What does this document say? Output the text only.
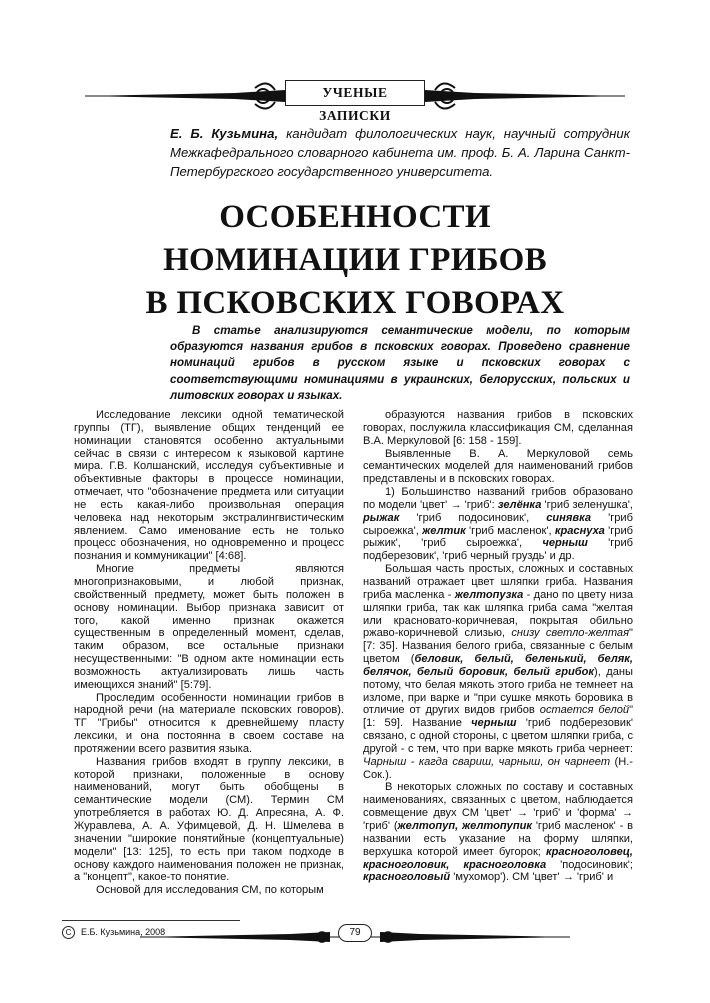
УЧЕНЫЕ ЗАПИСКИ
Е. Б. Кузьмина, кандидат филологических наук, научный сотрудник Межкафедрального словарного кабинета им. проф. Б. А. Ларина Санкт-Петербургского государственного университета.
ОСОБЕННОСТИ
НОМИНАЦИИ ГРИБОВ
В ПСКОВСКИХ ГОВОРАХ
В статье анализируются семантические модели, по которым образуются названия грибов в псковских говорах. Проведено сравнение номинаций грибов в русском языке и псковских говорах с соответствующими номинациями в украинских, белорусских, польских и литовских говорах и языках.

Исследование лексики одной тематической группы (ТГ), выявление общих тенденций ее номинации становятся особенно актуальными сейчас в связи с интересом к языковой картине мира. Г.В. Колшанский, исследуя субъективные и объективные факторы в процессе номинации, отмечает, что "обозначение предмета или ситуации не есть какая-либо произвольная операция человека над некоторым экстралингвистическим явлением. Само именование есть не только процесс обозначения, но одновременно и процесс познания и коммуникации" [4:68].

Многие предметы являются многопризнаковыми, и любой признак, свойственный предмету, может быть положен в основу номинации. Выбор признака зависит от того, какой именно признак окажется существенным в определенный момент, сделав, таким образом, все остальные признаки несущественными: "В одном акте номинации есть возможность актуализировать лишь часть имеющихся знаний" [5:79].

Проследим особенности номинации грибов в народной речи (на материале псковских говоров). ТГ "Грибы" относится к древнейшему пласту лексики, и она постоянна в своем составе на протяжении всего развития языка.

Названия грибов входят в группу лексики, в которой признаки, положенные в основу наименований, могут быть обобщены в семантические модели (СМ). Термин СМ употребляется в работах Ю. Д. Апресяна, А. Ф. Журавлева, А. А. Уфимцевой, Д. Н. Шмелева в значении "широкие понятийные (концептуальные) модели" [13: 125], то есть при таком подходе в основу каждого наименования положен не признак, а "концепт", какое-то понятие.

Основой для исследования СМ, по которым

образуются названия грибов в псковских говорах, послужила классификация СМ, сделанная В.А. Меркуловой [6: 158 - 159].

Выявленные В. А. Меркуловой семь семантических моделей для наименований грибов представлены и в псковских говорах.

1) Большинство названий грибов образовано по модели 'цвет' → 'гриб': зелёнка 'гриб зеленушка', рыжак 'гриб подосиновик', синявка 'гриб сыроежка', желтик 'гриб масленок', краснуха 'гриб рыжик', 'гриб сыроежка', черныш 'гриб подберезовик', 'гриб черный груздь' и др.

Большая часть простых, сложных и составных названий отражает цвет шляпки гриба. Названия гриба масленка - желтопузка - дано по цвету низа шляпки гриба, так как шляпка гриба сама "желтая или красновато-коричневая, покрытая обильно ржаво-коричневой слизью, снизу светло-желтая" [7: 35]. Названия белого гриба, связанные с белым цветом (беловик, белый, беленький, беляк, белячок, белый боровик, белый грибок), даны потому, что белая мякоть этого гриба не темнеет на изломе, при варке и "при сушке мякоть боровика в отличие от других видов грибов остается белой" [1: 59]. Название черныш 'гриб подберезовик' связано, с одной стороны, с цветом шляпки гриба, с другой - с тем, что при варке мякоть гриба чернеет: Чарныш - кагда свариш, чарныш, он чарнеет (Н.-Сок.).

В некоторых сложных по составу и составных наименованиях, связанных с цветом, наблюдается совмещение двух СМ 'цвет' → 'гриб' и 'форма' → 'гриб' (желтопуп, желтопупик 'гриб масленок' - в названии есть указание на форму шляпки, верхушка которой имеет бугорок; красноголовец, красноголовик, красноголовка 'подосиновик'; красноголовый 'мухомор'). СМ 'цвет' → 'гриб' и

C Е.Б. Кузьмина, 2008	79
